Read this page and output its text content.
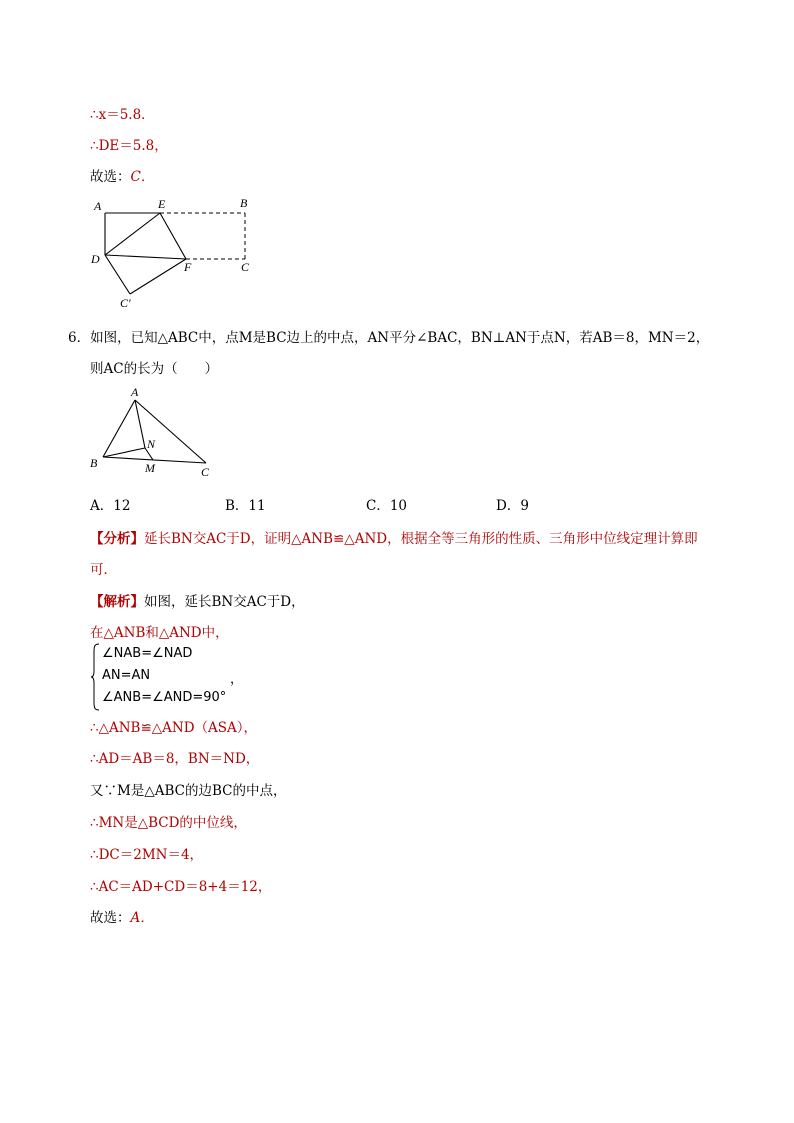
∴x＝5.8．
∴DE＝5.8，
故选：C．
A	E	B
D
F	C
C′
6．如图，已知△ABC中，点M是BC边上的中点，AN平分∠BAC，BN⊥AN于点N，若AB＝8，MN＝2，
则AC的长为（　　）
A
N
B	M	C
A．12	B．11	C．10	D．9
【分析】延长BN交AC于D，证明△ANB≌△AND，根据全等三角形的性质、三角形中位线定理计算即
可．
【解析】如图，延长BN交AC于D，
在△ANB和△AND中，
∠NAB=∠NAD
AN=AN
∠ANB=∠AND=90°
，
∴△ANB≌△AND（ASA），
∴AD＝AB＝8，BN＝ND，
又∵M是△ABC的边BC的中点，
∴MN是△BCD的中位线，
∴DC＝2MN＝4，
∴AC＝AD+CD＝8+4＝12，
故选：A．
